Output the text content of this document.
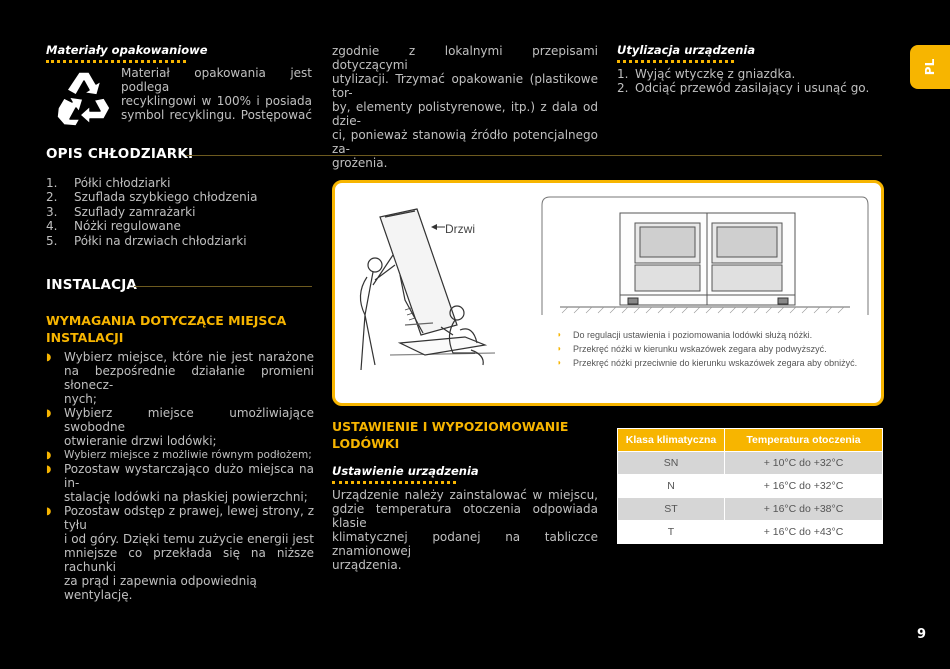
Materiały opakowaniowe
Materiał opakowania jest podlega
recyklingowi w 100% i posiada
symbol recyklingu. Postępować
zgodnie z lokalnymi przepisami dotyczącymi
utylizacji. Trzymać opakowanie (plastikowe tor-
by, elementy polistyrenowe, itp.) z dala od dzie-
ci, ponieważ stanowią źródło potencjalnego za-
grożenia.
Utylizacja urządzenia
1. Wyjąć wtyczkę z gniazdka.
2. Odciąć przewód zasilający i usunąć go.
PL
OPIS CHŁODZIARKI
1. Półki chłodziarki
2. Szuflada szybkiego chłodzenia
3. Szuflady zamrażarki
4. Nóżki regulowane
5. Półki na drzwiach chłodziarki
INSTALACJA
WYMAGANIA DOTYCZĄCE MIEJSCA
INSTALACJI
◗ Wybierz miejsce, które nie jest narażone
na bezpośrednie działanie promieni słonecz-
nych;
◗ Wybierz miejsce umożliwiające swobodne
otwieranie drzwi lodówki;
◗ Wybierz miejsce z możliwie równym podłożem;
◗ Pozostaw wystarczająco dużo miejsca na in-
stalację lodówki na płaskiej powierzchni;
◗ Pozostaw odstęp z prawej, lewej strony, z tyłu
i od góry. Dzięki temu zużycie energii jest
mniejsze co przekłada się na niższe rachunki
za prąd i zapewnia odpowiednią wentylację.
Drzwi
◗ Do regulacji ustawienia i poziomowania lodówki służą nóżki.
◗ Przekręć nóżki w kierunku wskazówek zegara aby podwyższyć.
◗ Przekręć nóżki przeciwnie do kierunku wskazówek zegara aby obniżyć.
USTAWIENIE I WYPOZIOMOWANIE
LODÓWKI
Ustawienie urządzenia
Urządzenie należy zainstalować w miejscu,
gdzie temperatura otoczenia odpowiada klasie
klimatycznej podanej na tabliczce znamionowej
urządzenia.
Klasa klimatyczna	Temperatura otoczenia
SN	+ 10°C do +32°C
N	+ 16°C do +32°C
ST	+ 16°C do +38°C
T	+ 16°C do +43°C
9
